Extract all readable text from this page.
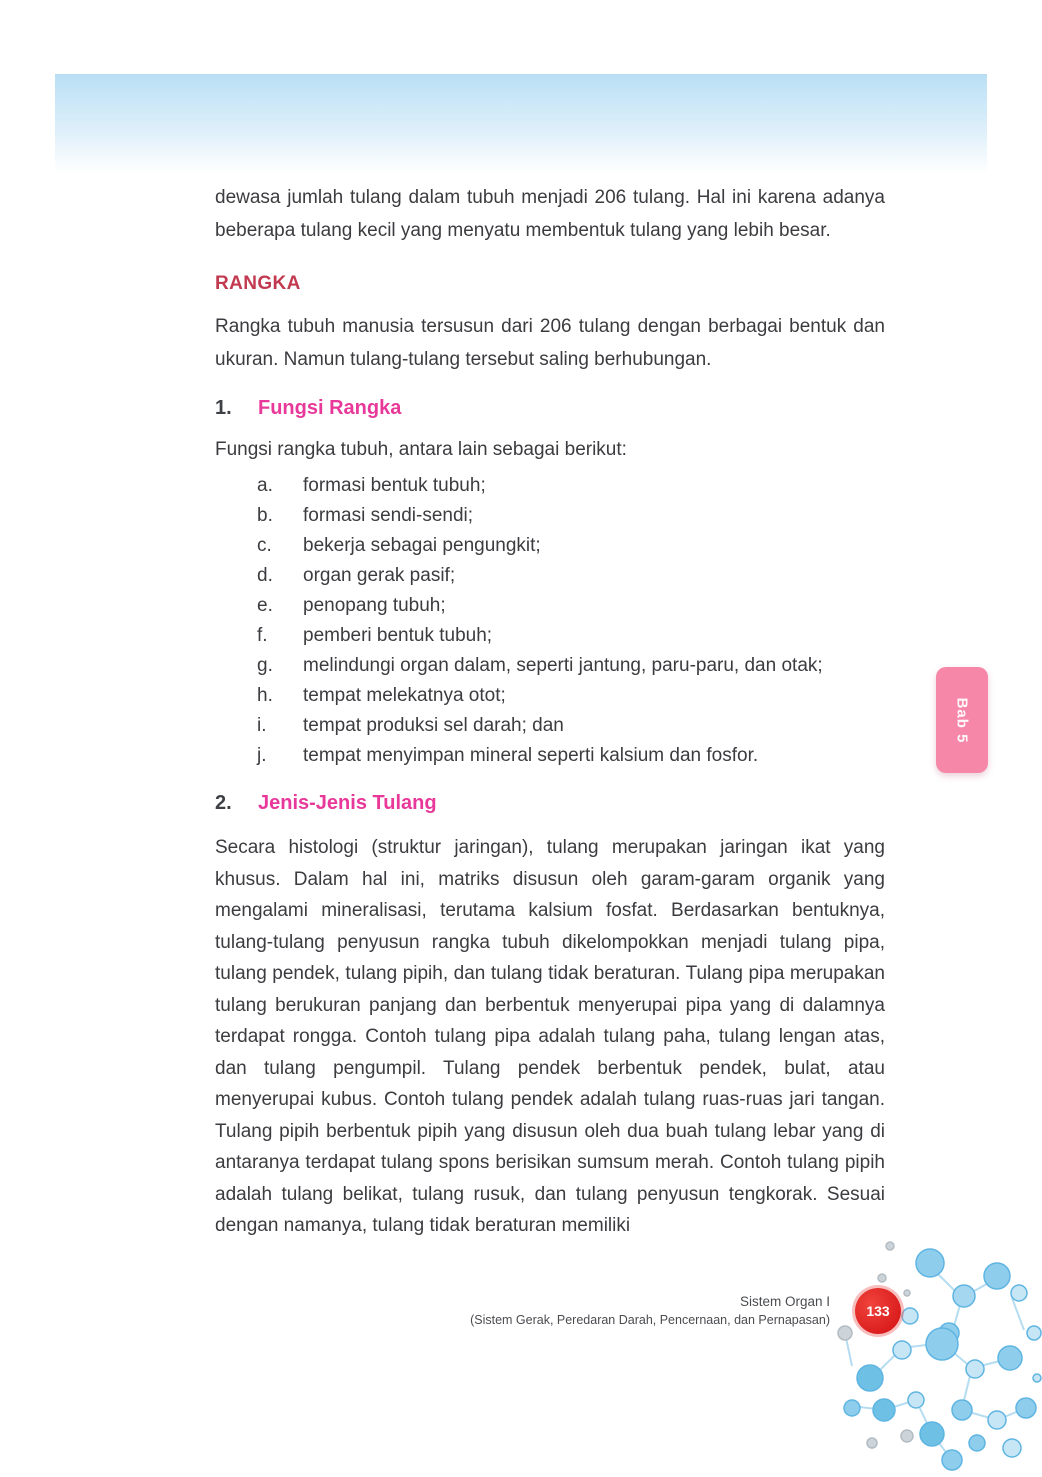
dewasa jumlah tulang dalam tubuh menjadi 206 tulang. Hal ini karena adanya beberapa tulang kecil yang menyatu membentuk tulang yang lebih besar.

RANGKA

Rangka tubuh manusia tersusun dari 206 tulang dengan berbagai bentuk dan ukuran. Namun tulang-tulang tersebut saling berhubungan.

1. Fungsi Rangka

Fungsi rangka tubuh, antara lain sebagai berikut:

a.	formasi bentuk tubuh;
b.	formasi sendi-sendi;
c.	bekerja sebagai pengungkit;
d.	organ gerak pasif;
e.	penopang tubuh;
f.	pemberi bentuk tubuh;
g.	melindungi organ dalam, seperti jantung, paru-paru, dan otak;
h.	tempat melekatnya otot;
i.	tempat produksi sel darah; dan
j.	tempat menyimpan mineral seperti kalsium dan fosfor.
2. Jenis-Jenis Tulang

Secara histologi (struktur jaringan), tulang merupakan jaringan ikat yang khusus. Dalam hal ini, matriks disusun oleh garam-garam organik yang mengalami mineralisasi, terutama kalsium fosfat. Berdasarkan bentuknya, tulang-tulang penyusun rangka tubuh dikelompokkan menjadi tulang pipa, tulang pendek, tulang pipih, dan tulang tidak beraturan. Tulang pipa merupakan tulang berukuran panjang dan berbentuk menyerupai pipa yang di dalamnya terdapat rongga. Contoh tulang pipa adalah tulang paha, tulang lengan atas, dan tulang pengumpil. Tulang pendek berbentuk pendek, bulat, atau menyerupai kubus. Contoh tulang pendek adalah tulang ruas-ruas jari tangan. Tulang pipih berbentuk pipih yang disusun oleh dua buah tulang lebar yang di antaranya terdapat tulang spons berisikan sumsum merah. Contoh tulang pipih adalah tulang belikat, tulang rusuk, dan tulang penyusun tengkorak. Sesuai dengan namanya, tulang tidak beraturan memiliki

Bab 5
Sistem Organ I
(Sistem Gerak, Peredaran Darah, Pencernaan, dan Pernapasan)
133
